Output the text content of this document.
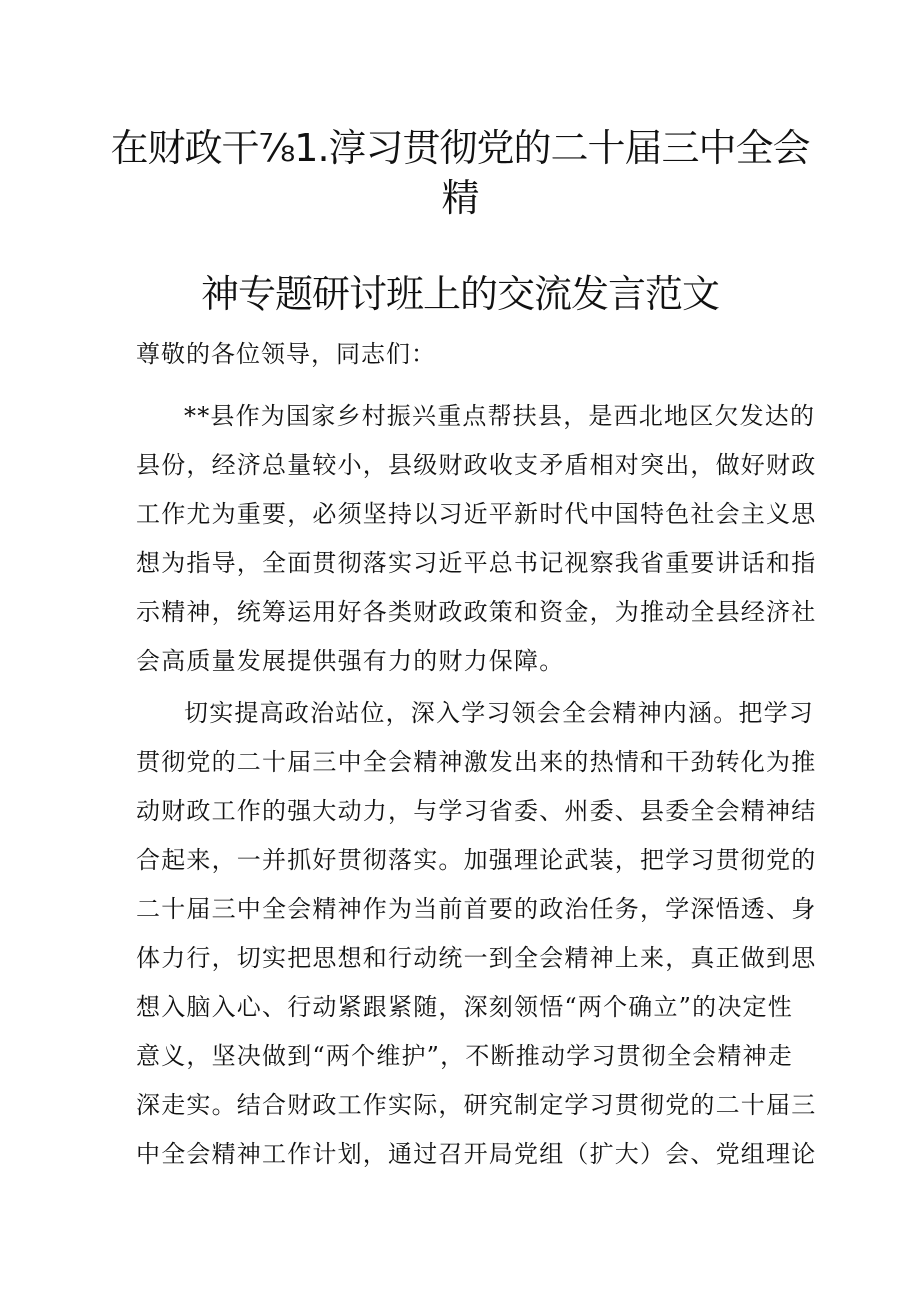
在财政干⅞1.淳习贯彻党的二十届三中全会
精
神专题研讨班上的交流发言范文
尊敬的各位领导，同志们：
**县作为国家乡村振兴重点帮扶县，是西北地区欠发达的
县份，经济总量较小，县级财政收支矛盾相对突出，做好财政
工作尤为重要，必须坚持以习近平新时代中国特色社会主义思
想为指导，全面贯彻落实习近平总书记视察我省重要讲话和指
示精神，统筹运用好各类财政政策和资金，为推动全县经济社
会高质量发展提供强有力的财力保障。
切实提高政治站位，深入学习领会全会精神内涵。把学习
贯彻党的二十届三中全会精神激发出来的热情和干劲转化为推
动财政工作的强大动力，与学习省委、州委、县委全会精神结
合起来，一并抓好贯彻落实。加强理论武装，把学习贯彻党的
二十届三中全会精神作为当前首要的政治任务，学深悟透、身
体力行，切实把思想和行动统一到全会精神上来，真正做到思
想入脑入心、行动紧跟紧随，深刻领悟“两个确立”的决定性
意义，坚决做到“两个维护”，不断推动学习贯彻全会精神走
深走实。结合财政工作实际，研究制定学习贯彻党的二十届三
中全会精神工作计划，通过召开局党组（扩大）会、党组理论
